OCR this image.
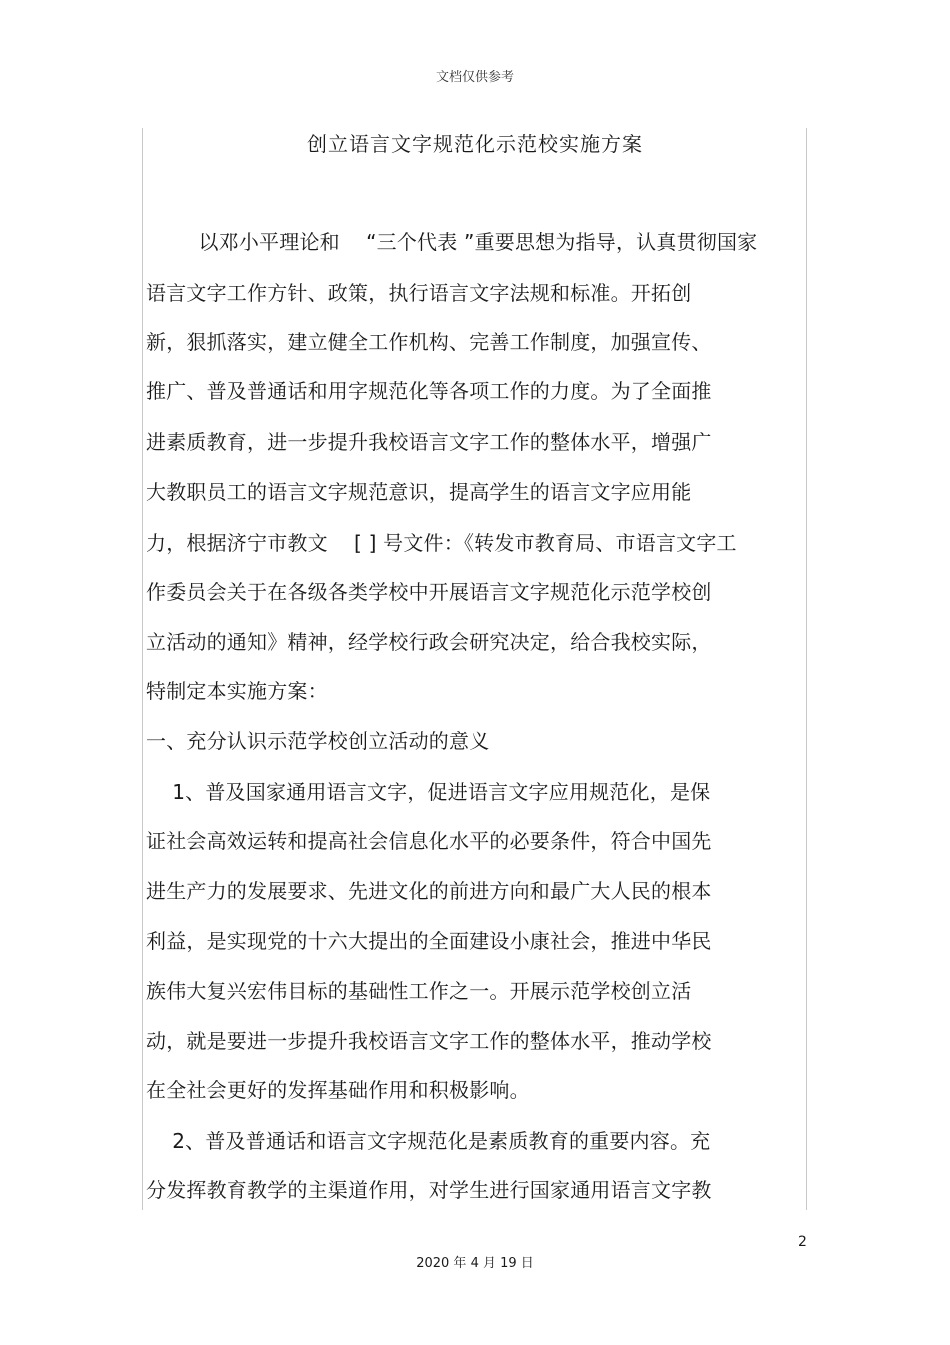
文档仅供参考
创立语言文字规范化示范校实施方案
以邓小平理论和    “三个代表 ”重要思想为指导，认真贯彻国家
语言文字工作方针、政策，执行语言文字法规和标准。开拓创
新，狠抓落实，建立健全工作机构、完善工作制度，加强宣传、
推广、普及普通话和用字规范化等各项工作的力度。为了全面推
进素质教育，进一步提升我校语言文字工作的整体水平，增强广
大教职员工的语言文字规范意识，提高学生的语言文字应用能
力，根据济宁市教文    [ ] 号文件：《转发市教育局、市语言文字工
作委员会关于在各级各类学校中开展语言文字规范化示范学校创
立活动的通知》精神，经学校行政会研究决定，给合我校实际，
特制定本实施方案：
一、充分认识示范学校创立活动的意义
1、普及国家通用语言文字，促进语言文字应用规范化，是保
证社会高效运转和提高社会信息化水平的必要条件，符合中国先
进生产力的发展要求、先进文化的前进方向和最广大人民的根本
利益，是实现党的十六大提出的全面建设小康社会，推进中华民
族伟大复兴宏伟目标的基础性工作之一。开展示范学校创立活
动，就是要进一步提升我校语言文字工作的整体水平，推动学校
在全社会更好的发挥基础作用和积极影响。
2、普及普通话和语言文字规范化是素质教育的重要内容。充
分发挥教育教学的主渠道作用，对学生进行国家通用语言文字教
2
2020 年 4 月 19 日
